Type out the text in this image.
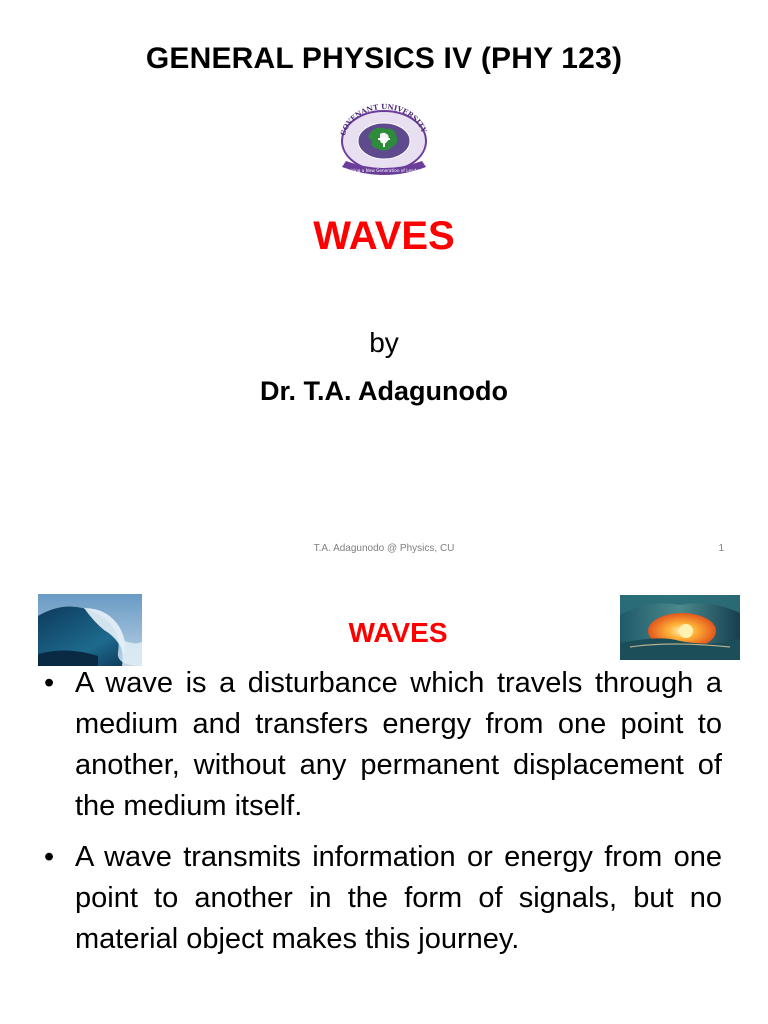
GENERAL PHYSICS IV (PHY 123)
COVENANT UNIVERSITY
Raising a New Generation of Leaders
WAVES
by
Dr. T.A. Adagunodo
T.A. Adagunodo @ Physics, CU	1
WAVES
• A wave is a disturbance which travels through a medium and transfers energy from one point to another, without any permanent displacement of the medium itself.
• A wave transmits information or energy from one point to another in the form of signals, but no material object makes this journey.
